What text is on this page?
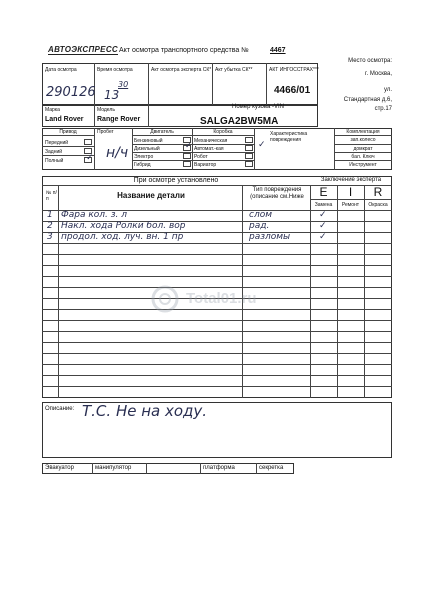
АВТОЭКСПРЕСС Акт осмотра транспортного средства №	4467
Место осмотра:
г. Москва,
ул.
Стандартная д.6,
стр.17
Дата осмотра
290126
Время осмотра
13
30
Акт осмотра эксперта СК* Акт убытка СК**	АКТ ИНГОССТРАХ***
4466/01
Марка
Land Rover
Модель
Range Rover
Номер кузова -VIN
SALGA2BW5MA
Привод
Передний
Задний
Полный	✓
Пробег
н/ч
Двигатель
Бензиновый
Дизельный
Электро
Гибрид
✓
Коробка
Механическая
Автомат.-кая
Робот
Вариатор
✓
Характеристика повреждения
Комплектация
зап.колесо
домкрат
бал. Ключ
Инструмент
При осмотре установлено	Заключение эксперта
№ п/п	Название детали
Тип повреждения (описание см.Ниже	E	I	R
Замена	Ремонт	Окраска
1 Фара кол. з. л	слом	✓
2 Накл. хода Ролки бол. вор	рад.	✓
3 продол. ход. луч. вн. 1 пр	разломы	✓
Total01.ru
Описание: Т.С. Не на ходу.
Эвакуатор	манипулятор	платформа	секретка
